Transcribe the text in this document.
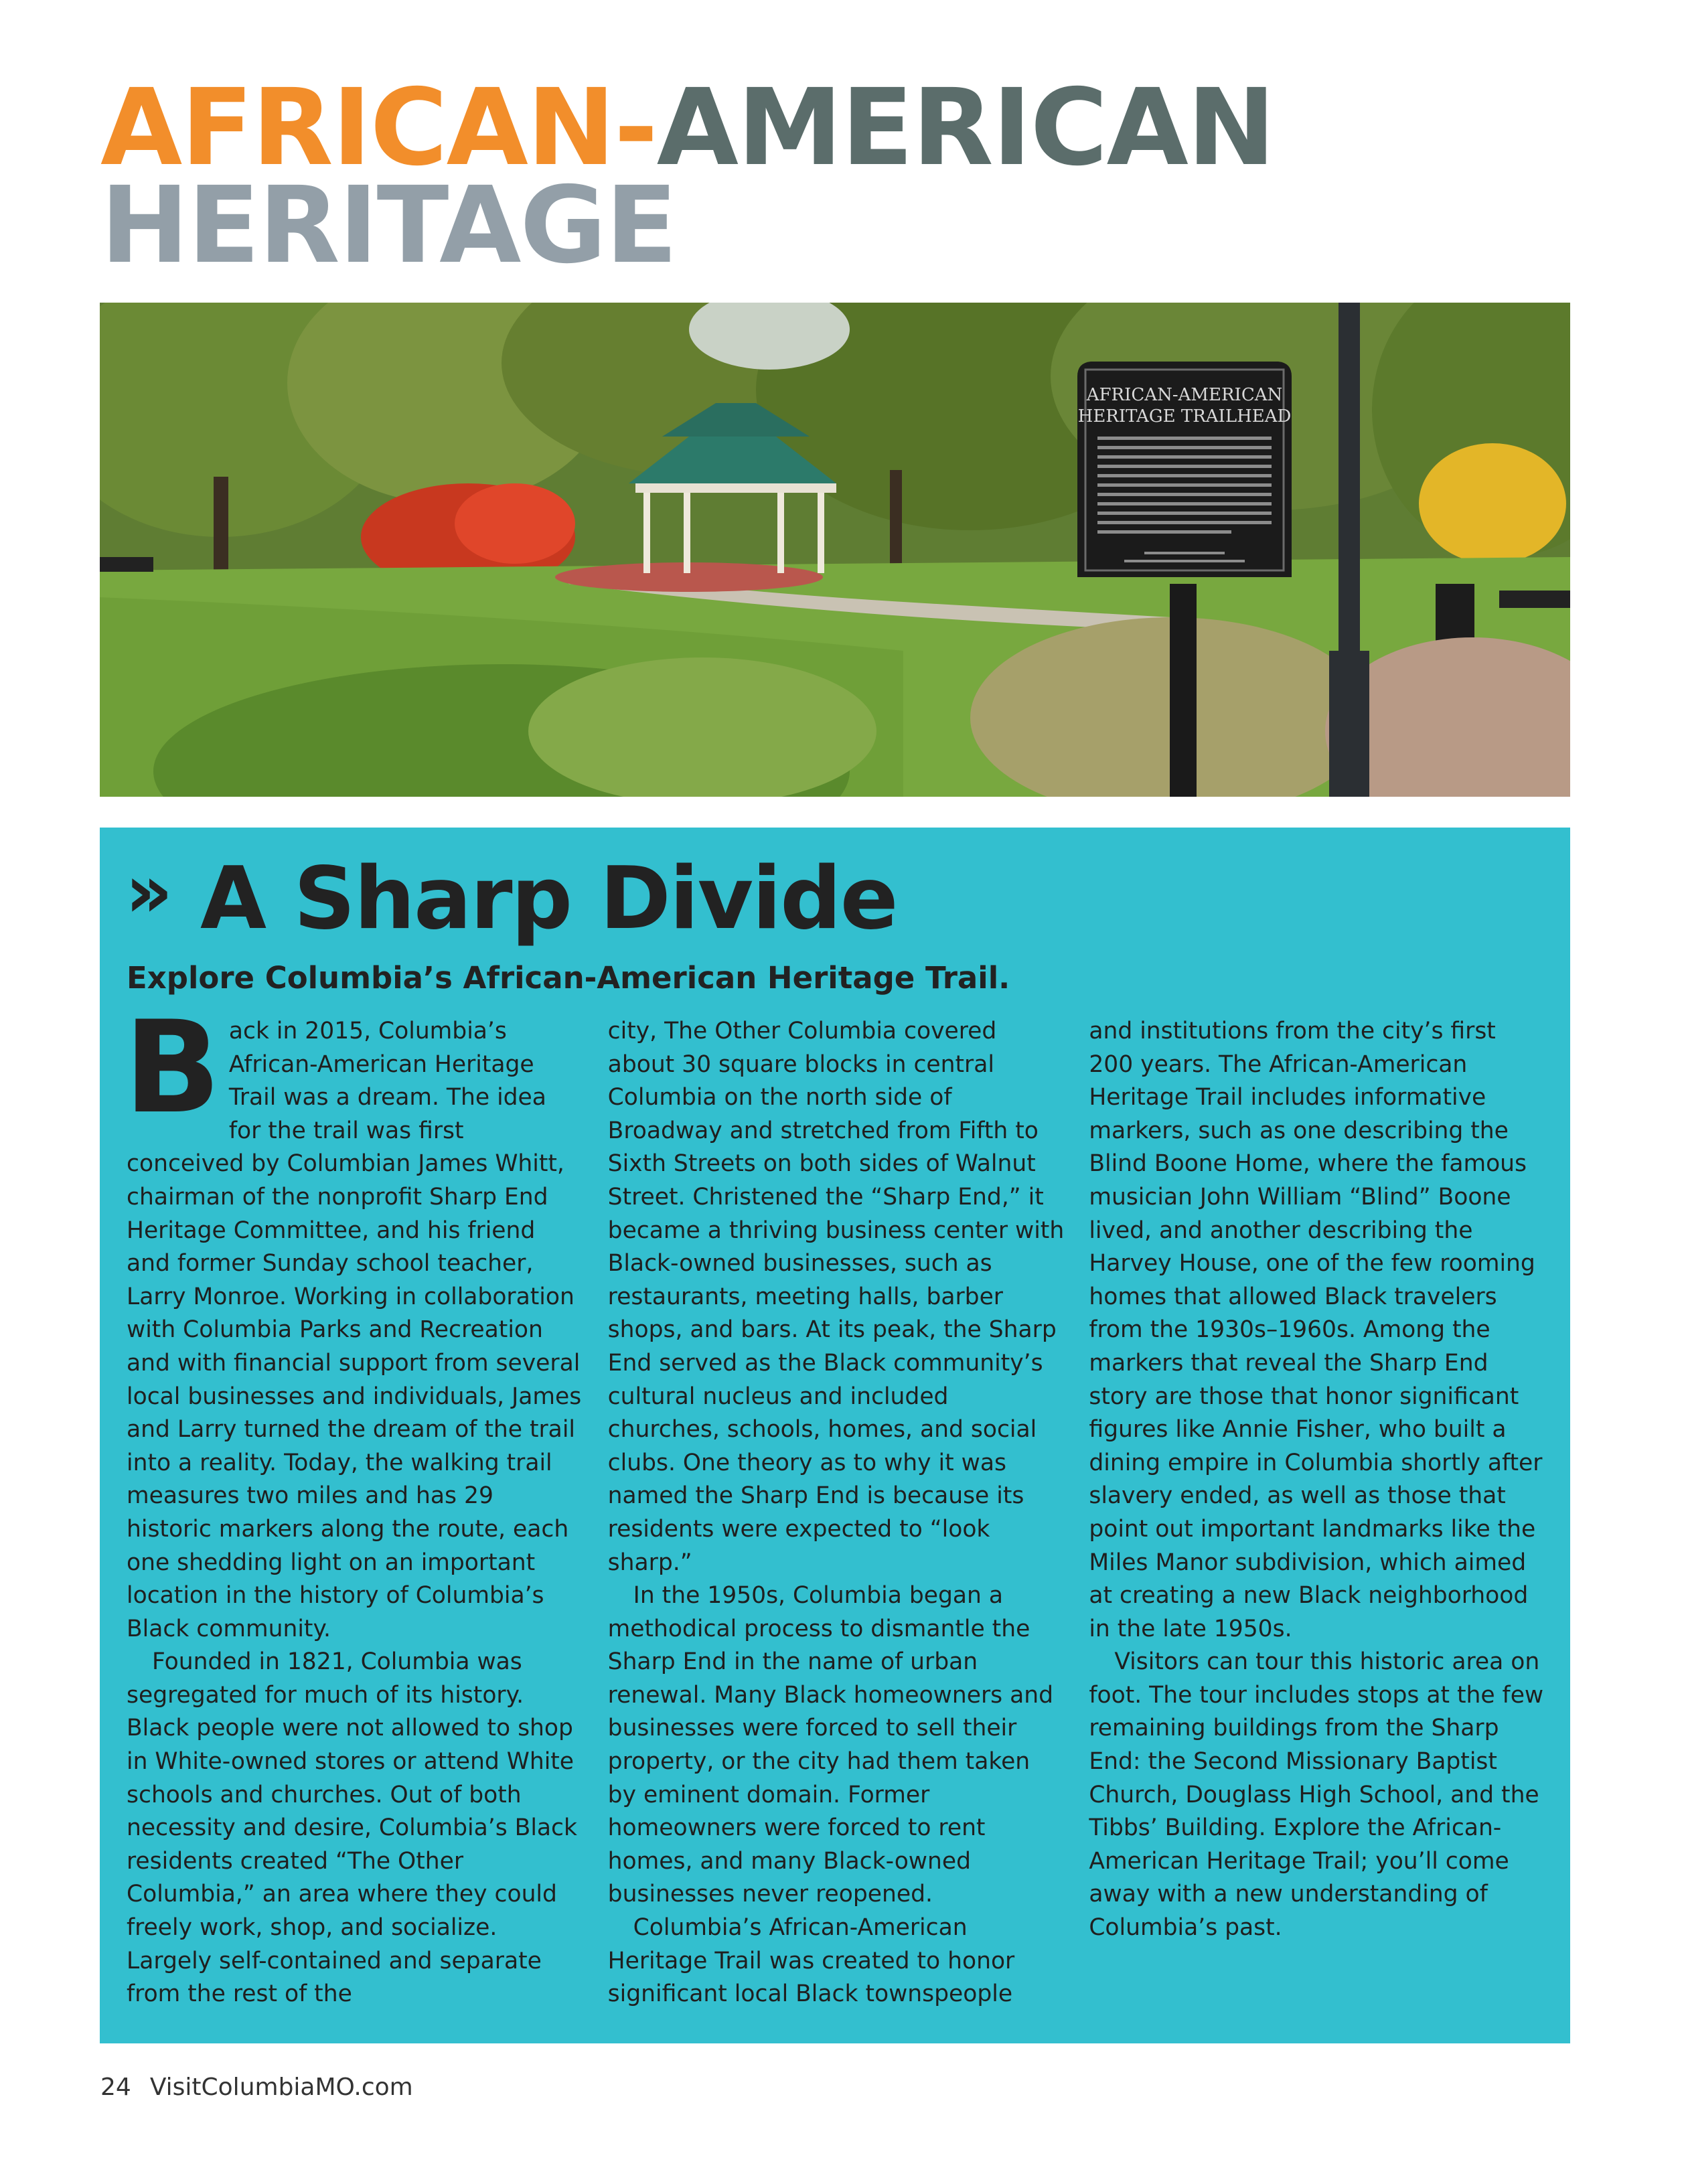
AFRICAN-AMERICAN
HERITAGE
AFRICAN-AMERICAN
HERITAGE TRAILHEAD
» A Sharp Divide
Explore Columbia’s African-American Heritage Trail.

Back in 2015, Columbia’s African-American Heritage Trail was a dream. The idea for the trail was first conceived by Columbian James Whitt, chairman of the nonprofit Sharp End Heritage Committee, and his friend and former Sunday school teacher, Larry Monroe. Working in collaboration with Columbia Parks and Recreation and with financial support from several local businesses and individuals, James and Larry turned the dream of the trail into a reality. Today, the walking trail measures two miles and has 29 historic markers along the route, each one shedding light on an important location in the history of Columbia’s Black community.

Founded in 1821, Columbia was segregated for much of its history. Black people were not allowed to shop in White-owned stores or attend White schools and churches. Out of both necessity and desire, Columbia’s Black residents created “The Other Columbia,” an area where they could freely work, shop, and socialize. Largely self-contained and separate from the rest of the

city, The Other Columbia covered about 30 square blocks in central Columbia on the north side of Broadway and stretched from Fifth to Sixth Streets on both sides of Walnut Street. Christened the “Sharp End,” it became a thriving business center with Black-owned businesses, such as restaurants, meeting halls, barber shops, and bars. At its peak, the Sharp End served as the Black community’s cultural nucleus and included churches, schools, homes, and social clubs. One theory as to why it was named the Sharp End is because its residents were expected to “look sharp.”

In the 1950s, Columbia began a methodical process to dismantle the Sharp End in the name of urban renewal. Many Black homeowners and businesses were forced to sell their property, or the city had them taken by eminent domain. Former homeowners were forced to rent homes, and many Black-owned businesses never reopened.

Columbia’s African-American Heritage Trail was created to honor significant local Black townspeople

and institutions from the city’s first 200 years. The African-American Heritage Trail includes informative markers, such as one describing the Blind Boone Home, where the famous musician John William “Blind” Boone lived, and another describing the Harvey House, one of the few rooming homes that allowed Black travelers from the 1930s–1960s. Among the markers that reveal the Sharp End story are those that honor significant figures like Annie Fisher, who built a dining empire in Columbia shortly after slavery ended, as well as those that point out important landmarks like the Miles Manor subdivision, which aimed at creating a new Black neighborhood in the late 1950s.

Visitors can tour this historic area on foot. The tour includes stops at the few remaining buildings from the Sharp End: the Second Missionary Baptist Church, Douglass High School, and the Tibbs’ Building. Explore the African-American Heritage Trail; you’ll come away with a new understanding of Columbia’s past.

24 VisitColumbiaMO.com
